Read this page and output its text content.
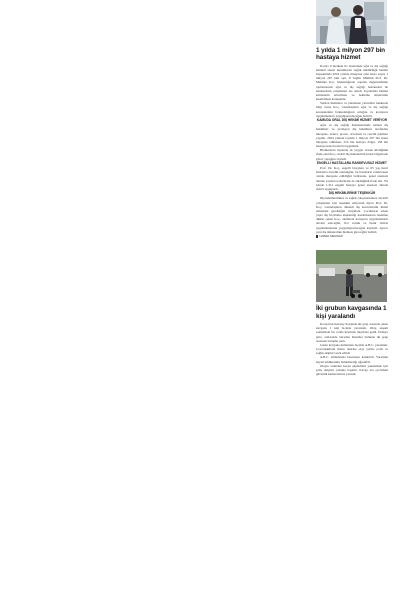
1 yılda 1 milyon 297 bin hastaya hizmet

Konya il merkezi ile ilçelerinde ağız ve diş sağlığı hizmeti sunan kurumlarda sağlık müdürlüğü hizmet kapsamında 2024 yılında muayene olan hasta sayısı 1 milyon 297 bini aştı. İl Sağlık Müdürü Prof. Dr. Mehmet Koç başkanlığında yapılan değerlendirme toplantısında ağız ve diş sağlığı hastaneleri ile merkezlerin çalışmaları ele alındı. Toplantıda hizmet kalitesinin artırılması ve bekleme sürelerinin kısaltılması konuşuldu.

Verilen hizmetler ve planlanan yatırımlar hakkında bilgi veren Koç, vatandaşların ağız ve diş sağlığı konusundaki farkındalığının arttığını ve koruyucu uygulamaların yaygınlaştırılacağını belirtti.

KAMUDA ORAL DİŞ HEKİMİ HİZMET VERİYOR

Ağız ve diş sağlığı hastanelerinde uzman diş hekimleri ve pratisyen diş hekimleri tarafından muayene, tedavi, protez, ortodonti ve cerrahi işlemler yapıldı. 2024 yılında toplam 1 milyon 297 bin hasta muayene edilirken, 210 bin hastaya dolgu, 158 bin hastaya kanal tedavisi uygulandı.

Hizmetlerin ilçelerde de yaygın olarak sürdüğünü ifade eden Koç, mobil diş ünitelerinin kırsal bölgelerde görev yaptığını söyledi.

ENGELLİ HASTALARA RANDEVUSUZ HİZMET

Prof. Dr. Koç, engelli bireylere ve 65 yaş üzeri hastalara öncelik tanındığını, bu hastaların randevusuz olarak muayene edildiğini belirterek, genel anestezi altında yapılan tedavilerin de sürdüğünü ifade etti. Yıl içinde 1.312 engelli hastaya genel anestezi altında tedavi uygulandı.

DİŞ HEKİMLERİNE TEŞEKKÜR

Diş hekimlerimize ve sağlık çalışanlarımıza özverili çalışmaları için teşekkür ediyorum diyen Prof. Dr. Koç, vatandaşların düzenli diş kontrollerini ihmal etmemesi gerektiğini vurguladı. Çocukların erken yaşta diş fırçalama alışkanlığı kazanmasının önemine dikkat çeken Koç, okullarda koruyucu uygulamaların devam edeceğini, flor vernik ve fissür örtücü uygulamalarının yaygınlaştırılacağını kaydetti. Ayrıca yeni diş ünitelerinin hizmete gireceğini belirtti.

HABER MERKEZİ
İki grubun kavgasında 1 kişi yaralandı

Konya'nın Karatay ilçesinde iki grup arasında çıkan kavgada 1 kişi bıçakla yaralandı. Olay, akşam saatlerinde bir cadde üzerinde meydana geldi. İddiaya göre, aralarında önceden husumet bulunan iki grup arasında tartışma çıktı.

Çıkan kavgada kullanılan bıçakla A.B.C. yaralandı. Çevredekilerin ihbarı üzerine olay yerine polis ve sağlık ekipleri sevk edildi.

A.B.C. ambulansla hastaneye kaldırıldı. Yaralının hayati tehlikesinin bulunmadığı öğrenildi.

Olayın ardından kaçan şüphelileri yakalamak için polis ekipleri çalışma başlattı. Kavga anı çevredeki güvenlik kameralarına yansıdı.
